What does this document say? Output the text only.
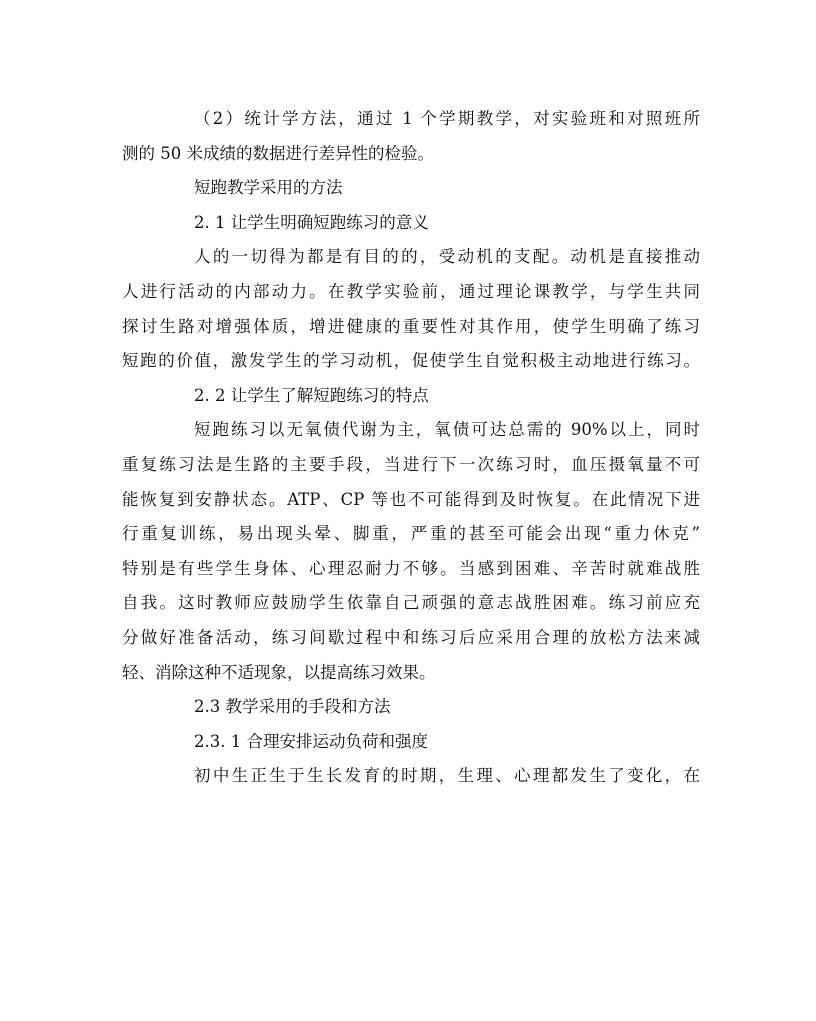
（2）统计学方法，通过 1 个学期教学，对实验班和对照班所
测的 50 米成绩的数据进行差异性的检验。
短跑教学采用的方法
2. 1 让学生明确短跑练习的意义
人的一切得为都是有目的的，受动机的支配。动机是直接推动
人进行活动的内部动力。在教学实验前，通过理论课教学，与学生共同
探讨生路对增强体质，增进健康的重要性对其作用，使学生明确了练习
短跑的价值，激发学生的学习动机，促使学生自觉积极主动地进行练习。
2. 2 让学生了解短跑练习的特点
短跑练习以无氧债代谢为主，氧债可达总需的 90%以上，同时
重复练习法是生路的主要手段，当进行下一次练习时，血压摄氧量不可
能恢复到安静状态。ATP、CP 等也不可能得到及时恢复。在此情况下进
行重复训练，易出现头晕、脚重，严重的甚至可能会出现“重力休克”
特别是有些学生身体、心理忍耐力不够。当感到困难、辛苦时就难战胜
自我。这时教师应鼓励学生依靠自己顽强的意志战胜困难。练习前应充
分做好准备活动，练习间歇过程中和练习后应采用合理的放松方法来减
轻、消除这种不适现象，以提高练习效果。
2.3 教学采用的手段和方法
2.3. 1 合理安排运动负荷和强度
初中生正生于生长发育的时期，生理、心理都发生了变化，在
